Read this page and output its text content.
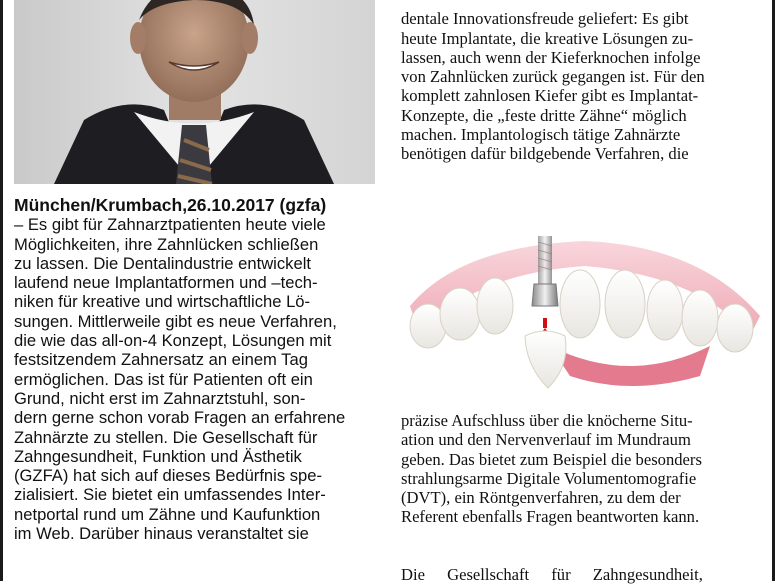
München/Krumbach,26.10.2017 (gzfa)
– Es gibt für Zahnarztpatienten heute viele
Möglichkeiten, ihre Zahnlücken schließen
zu lassen. Die Dentalindustrie entwickelt
laufend neue Implantatformen und –tech-
niken für kreative und wirtschaftliche Lö-
sungen. Mittlerweile gibt es neue Verfahren,
die wie das all-on-4 Konzept, Lösungen mit
festsitzendem Zahnersatz an einem Tag
ermöglichen. Das ist für Patienten oft ein
Grund, nicht erst im Zahnarztstuhl, son-
dern gerne schon vorab Fragen an erfahrene
Zahnärzte zu stellen. Die Gesellschaft für
Zahngesundheit, Funktion und Ästhetik
(GZFA) hat sich auf dieses Bedürfnis spe-
zialisiert. Sie bietet ein umfassendes Inter-
netportal rund um Zähne und Kaufunktion
im Web. Darüber hinaus veranstaltet sie

dentale Innovationsfreude geliefert: Es gibt
heute Implantate, die kreative Lösungen zu-
lassen, auch wenn der Kieferknochen infolge
von Zahnlücken zurück gegangen ist. Für den
komplett zahnlosen Kiefer gibt es Implantat-
Konzepte, die „feste dritte Zähne“ möglich
machen. Implantologisch tätige Zahnärzte
benötigen dafür bildgebende Verfahren, die
präzise Aufschluss über die knöcherne Situ-
ation und den Nervenverlauf im Mundraum
geben. Das bietet zum Beispiel die besonders
strahlungsarme Digitale Volumentomografie
(DVT), ein Röntgenverfahren, zu dem der
Referent ebenfalls Fragen beantworten kann.
Die Gesellschaft für Zahngesundheit,
